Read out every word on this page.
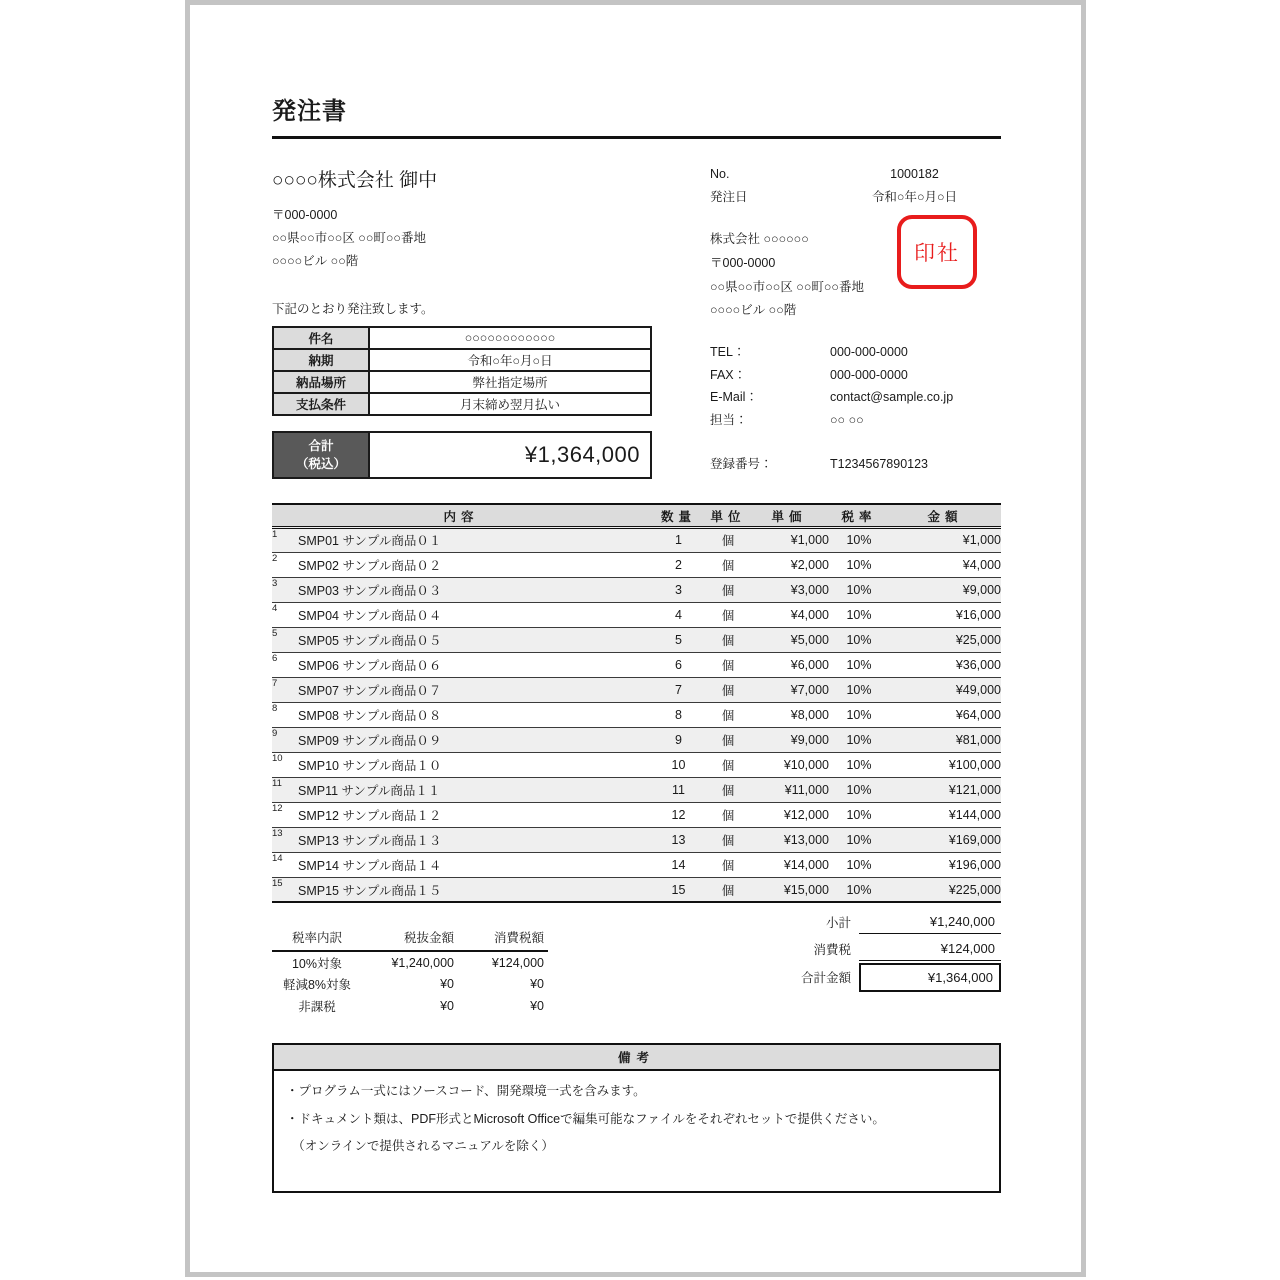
発注書
○○○○株式会社 御中
〒000-0000
○○県○○市○○区 ○○町○○番地
○○○○ビル ○○階
下記のとおり発注致します。
件名	○○○○○○○○○○○○
納期	令和○年○月○日
納品場所	弊社指定場所
支払条件	月末締め翌月払い
合計
（税込）	¥1,364,000
No.	1000182
発注日	令和○年○月○日
株式会社 ○○○○○○
〒000-0000
○○県○○市○○区 ○○町○○番地
○○○○ビル ○○階
印社
TEL：	000-000-0000
FAX：	000-000-0000
E-Mail：	contact@sample.co.jp
担当：	○○ ○○
登録番号：	T1234567890123
内容		数量	単位	単価	税率	金額
1	SMP01 サンプル商品０１	1	個	¥1,000	10%	¥1,000
2	SMP02 サンプル商品０２	2	個	¥2,000	10%	¥4,000
3	SMP03 サンプル商品０３	3	個	¥3,000	10%	¥9,000
4	SMP04 サンプル商品０４	4	個	¥4,000	10%	¥16,000
5	SMP05 サンプル商品０５	5	個	¥5,000	10%	¥25,000
6	SMP06 サンプル商品０６	6	個	¥6,000	10%	¥36,000
7	SMP07 サンプル商品０７	7	個	¥7,000	10%	¥49,000
8	SMP08 サンプル商品０８	8	個	¥8,000	10%	¥64,000
9	SMP09 サンプル商品０９	9	個	¥9,000	10%	¥81,000
10	SMP10 サンプル商品１０	10	個	¥10,000	10%	¥100,000
11	SMP11 サンプル商品１１	11	個	¥11,000	10%	¥121,000
12	SMP12 サンプル商品１２	12	個	¥12,000	10%	¥144,000
13	SMP13 サンプル商品１３	13	個	¥13,000	10%	¥169,000
14	SMP14 サンプル商品１４	14	個	¥14,000	10%	¥196,000
15	SMP15 サンプル商品１５	15	個	¥15,000	10%	¥225,000
税率内訳	税抜金額	消費税額
10%対象	¥1,240,000	¥124,000
軽減8%対象	¥0	¥0
非課税	¥0	¥0
小計	¥1,240,000
消費税	¥124,000
合計金額	¥1,364,000
備考
・プログラム一式にはソースコード、開発環境一式を含みます。
・ドキュメント類は、PDF形式とMicrosoft Officeで編集可能なファイルをそれぞれセットで提供ください。
　（オンラインで提供されるマニュアルを除く）
